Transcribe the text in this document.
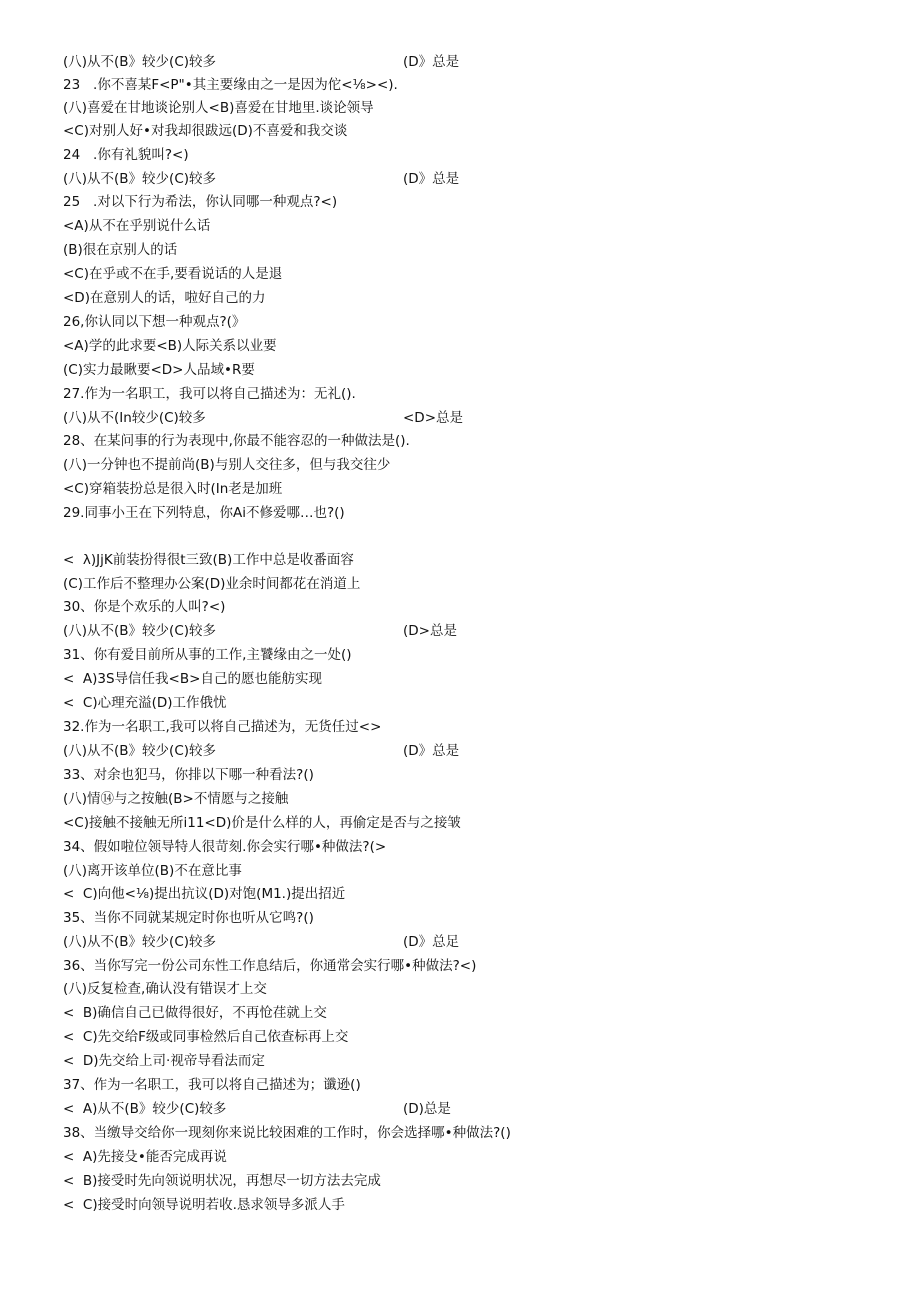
(八)从不(B》较少(C)较多	(D》总是
23   .你不喜某F<P"•其主要缘由之一是因为佗<⅛><).
(八)喜爱在甘地谈论别人<B)喜爱在甘地里.谈论领导
<C)对别人好•对我却很跋远(D)不喜爱和我交谈
24   .你有礼貌叫?<)
(八)从不(B》较少(C)较多	(D》总是
25   .对以下行为希法，你认同哪一种观点?<)
<A)从不在乎别说什么话
(B)很在京别人的话
<C)在乎或不在手,要看说话的人是退
<D)在意别人的话，啦好自己的力
26,你认同以下想一种观点?(》
<A)学的此求要<B)人际关系以业要
(C)实力最瞅要<D>人品域•R要
27.作为一名职工，我可以将自己描述为：无礼().
(八)从不(In较少(C)较多	<D>总是
28、在某问事的行为表现中,你最不能容忍的一种做法是().
(八)一分钟也不提前尚(B)与别人交往多，但与我交往少
<C)穿箱装扮总是很入时(In老是加班
29.同事小王在下列特息，你Ai不修爱哪…也?()
<  λ)JjK前装扮得很t三致(B)工作中总是收番面容
(C)工作后不整理办公案(D)业余时间都花在消道上
30、你是个欢乐的人叫?<)
(八)从不(B》较少(C)较多	(D>总是
31、你有爱目前所从事的工作,主饕缘由之一处()
<  A)3S导信任我<B>自己的愿也能舫实现
<  C)心理充溢(D)工作俄忧
32.作为一名职工,我可以将自己描述为，无货任过<>
(八)从不(B》较少(C)较多	(D》总是
33、对余也犯马，你排以下哪一种看法?()
(八)情⑭与之按触(B>不情愿与之接触
<C)接触不接触无所i11<D)价是什么样的人，再偷定是否与之接皱
34、假如啦位领导特人很苛刻.你会实行哪•种做法?(>
(八)离开该单位(B)不在意比事
<  C)向他<⅛)提出抗议(D)对饱(M1.)提出招近
35、当你不同就某规定时你也听从它鸣?()
(八)从不(B》较少(C)较多	(D》总足
36、当你写完一份公司东性工作息结后，你通常会实行哪•种做法?<)
(八)反复检查,确认没有错误才上交
<  B)确信自己已做得很好，不再怆荏就上交
<  C)先交给F级或同事检然后自己依查标再上交
<  D)先交给上司·视帝导看法而定
37、作为一名职工，我可以将自己描述为；谶逊()
<  A)从不(B》较少(C)较多	(D)总是
38、当缴导交给你一现刻你来说比较困难的工作时，你会选择哪•种做法?()
<  A)先接殳•能否完成再说
<  B)接受时先向领说明状况，再想尽一切方法去完成
<  C)接受时向领导说明若收.恳求领导多派人手
